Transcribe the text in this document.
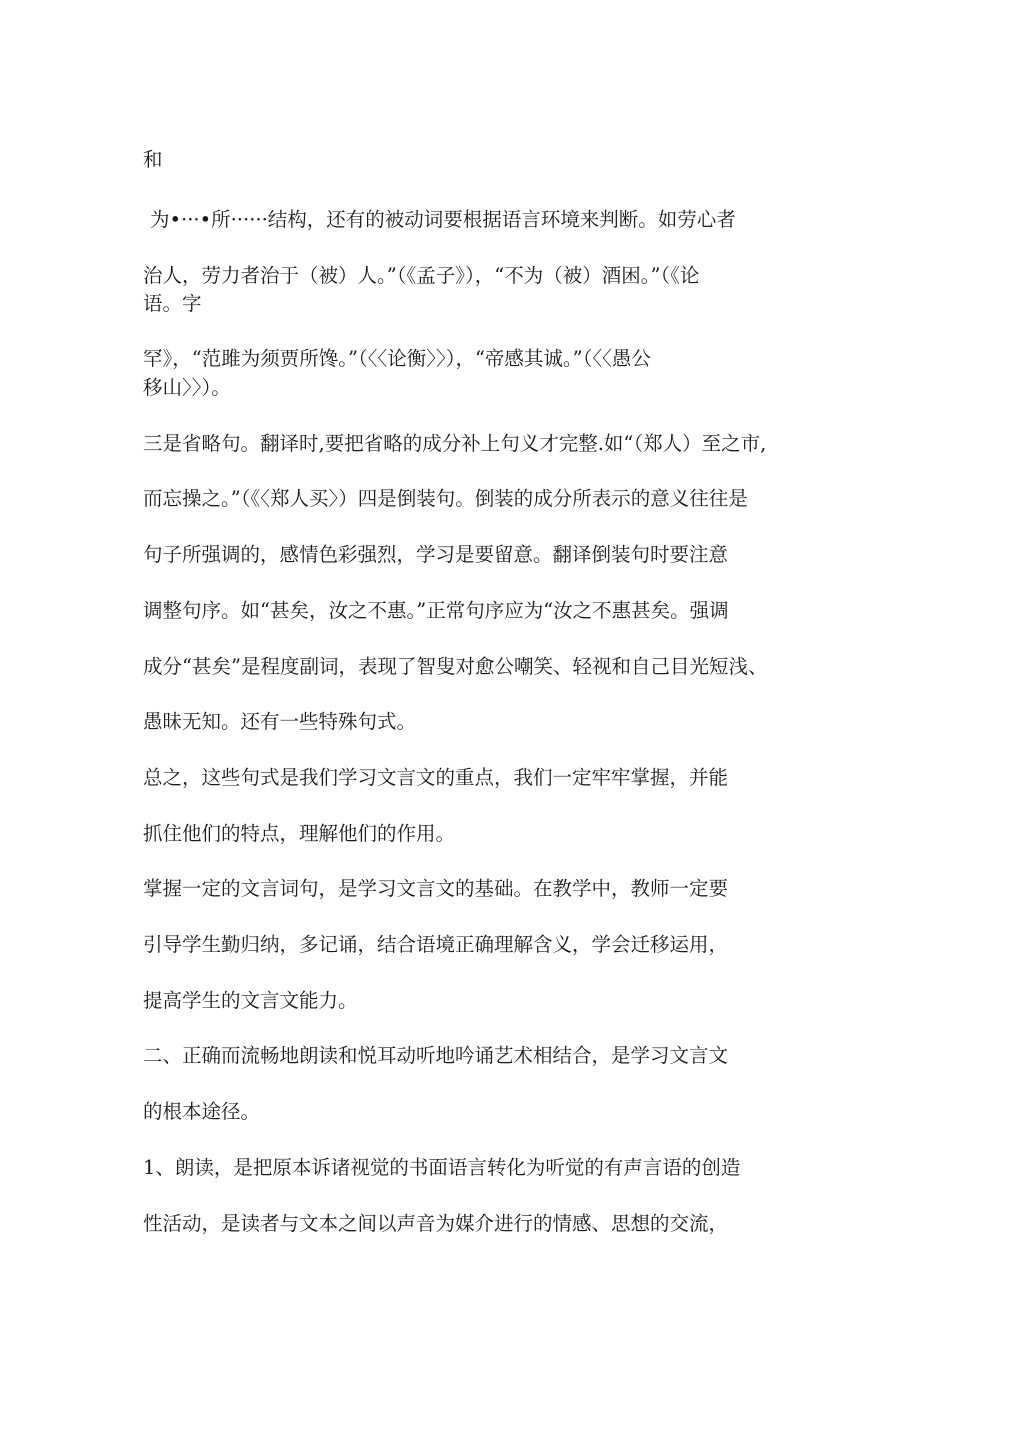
和
为•···•所······结构，还有的被动词要根据语言环境来判断。如劳心者
治人，劳力者治于（被）人。”（《孟子》），“不为（被）酒困。”（《论
语。字
罕》，“范雎为须贾所馋。”（〈〈论衡〉〉），“帝感其诚。”（〈〈愚公
移山〉〉）。
三是省略句。翻译时,要把省略的成分补上句义才完整.如“（郑人）至之市,
而忘操之。”（《〈郑人买〉）四是倒装句。倒装的成分所表示的意义往往是
句子所强调的，感情色彩强烈，学习是要留意。翻译倒装句时要注意
调整句序。如“甚矣，汝之不惠。”正常句序应为“汝之不惠甚矣。强调
成分“甚矣”是程度副词，表现了智叟对愈公嘲笑、轻视和自己目光短浅、
愚昧无知。还有一些特殊句式。
总之，这些句式是我们学习文言文的重点，我们一定牢牢掌握，并能
抓住他们的特点，理解他们的作用。
掌握一定的文言词句，是学习文言文的基础。在教学中，教师一定要
引导学生勤归纳，多记诵，结合语境正确理解含义，学会迁移运用，
提高学生的文言文能力。
二、正确而流畅地朗读和悦耳动听地吟诵艺术相结合，是学习文言文
的根本途径。
1、朗读，是把原本诉诸视觉的书面语言转化为听觉的有声言语的创造
性活动，是读者与文本之间以声音为媒介进行的情感、思想的交流，
